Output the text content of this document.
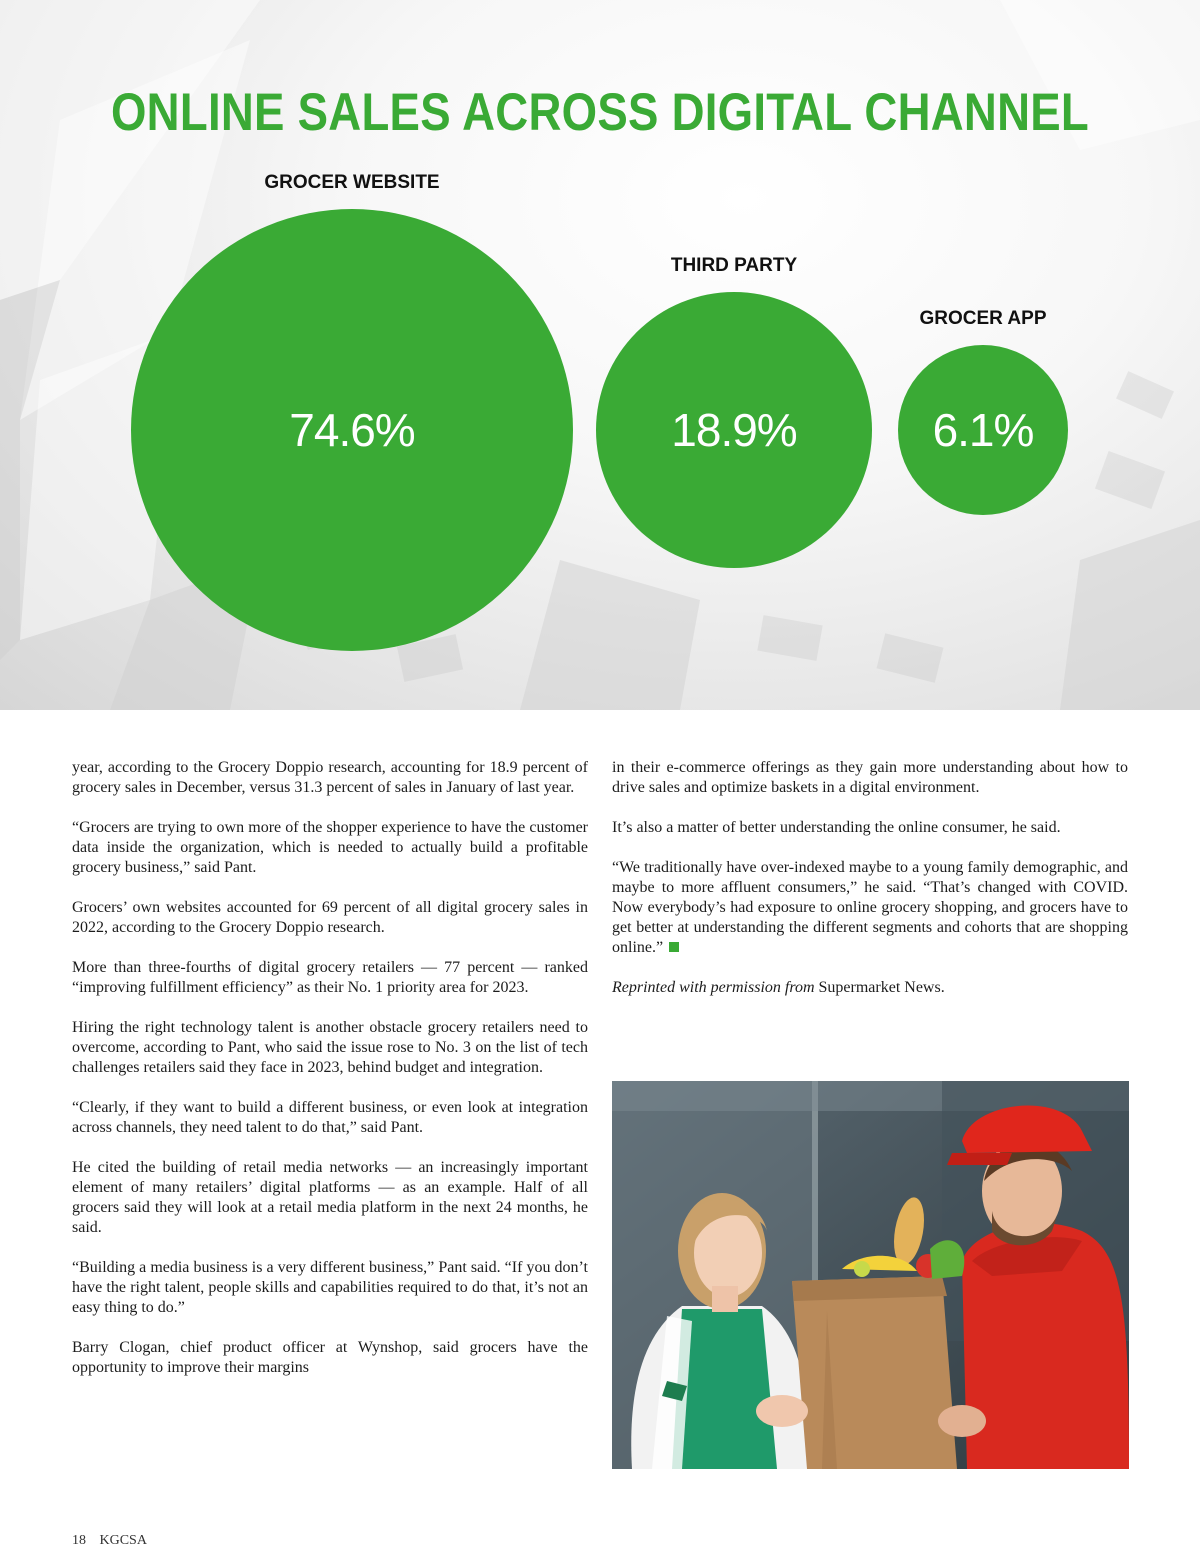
ONLINE SALES ACROSS DIGITAL CHANNEL
GROCER WEBSITE
74.6%
THIRD PARTY
18.9%
GROCER APP
6.1%

year, according to the Grocery Doppio research, accounting for 18.9 percent of grocery sales in December, versus 31.3 percent of sales in January of last year.

“Grocers are trying to own more of the shopper experience to have the customer data inside the organization, which is needed to actually build a profitable grocery business,” said Pant.

Grocers’ own websites accounted for 69 percent of all digital grocery sales in 2022, according to the Grocery Doppio research.

More than three-fourths of digital grocery retailers — 77 percent — ranked “improving fulfillment efficiency” as their No. 1 priority area for 2023.

Hiring the right technology talent is another obstacle grocery retailers need to overcome, according to Pant, who said the issue rose to No. 3 on the list of tech challenges retailers said they face in 2023, behind budget and integration.

“Clearly, if they want to build a different business, or even look at integration across channels, they need talent to do that,” said Pant.

He cited the building of retail media networks — an increasingly important element of many retailers’ digital platforms — as an example. Half of all grocers said they will look at a retail media platform in the next 24 months, he said.

“Building a media business is a very different business,” Pant said. “If you don’t have the right talent, people skills and capabilities required to do that, it’s not an easy thing to do.”

Barry Clogan, chief product officer at Wynshop, said grocers have the opportunity to improve their margins

in their e-commerce offerings as they gain more understanding about how to drive sales and optimize baskets in a digital environment.

It’s also a matter of better understanding the online consumer, he said.

“We traditionally have over-indexed maybe to a young family demographic, and maybe to more affluent consumers,” he said. “That’s changed with COVID. Now everybody’s had exposure to online grocery shopping, and grocers have to get better at understanding the different segments and cohorts that are shopping online.”

Reprinted with permission from Supermarket News.

18 KGCSA
